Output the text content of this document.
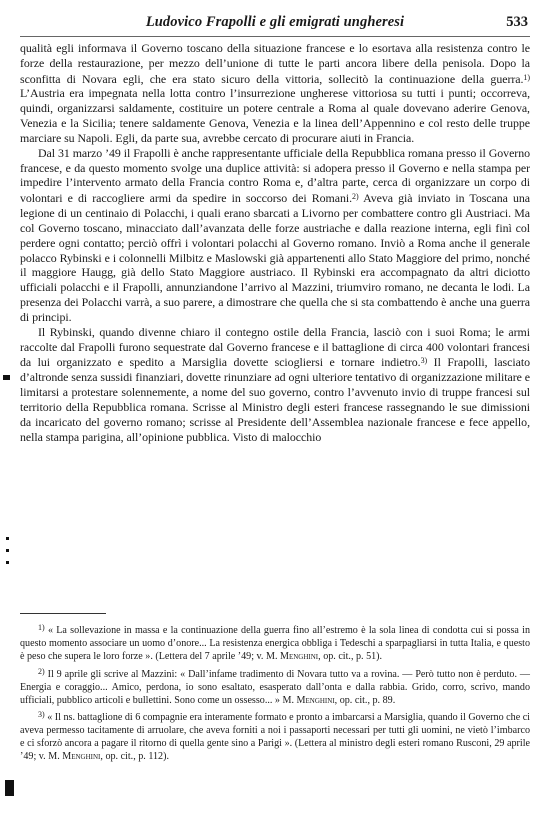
Ludovico Frapolli e gli emigrati ungheresi	533

qualità egli informava il Governo toscano della situazione francese e lo esortava alla resistenza contro le forze della restaurazione, per mezzo dell’unione di tutte le parti ancora libere della penisola. Dopo la sconfitta di Novara egli, che era stato sicuro della vittoria, sollecitò la continuazione della guerra.$^{1)}$ L’Austria era impegnata nella lotta contro l’insurrezione ungherese vittoriosa su tutti i punti; occorreva, quindi, organizzarsi saldamente, costituire un potere centrale a Roma al quale dovevano aderire Genova, Venezia e la Sicilia; tenere saldamente Genova, Venezia e la linea dell’Appennino e col resto delle truppe marciare su Napoli. Egli, da parte sua, avrebbe cercato di procurare aiuti in Francia.

Dal 31 marzo ’49 il Frapolli è anche rappresentante ufficiale della Repubblica romana presso il Governo francese, e da questo momento svolge una duplice attività: si adopera presso il Governo e nella stampa per impedire l’intervento armato della Francia contro Roma e, d’altra parte, cerca di organizzare un corpo di volontari e di raccogliere armi da spedire in soccorso dei Romani.$^{2)}$ Aveva già inviato in Toscana una legione di un centinaio di Polacchi, i quali erano sbarcati a Livorno per combattere contro gli Austriaci. Ma col Governo toscano, minacciato dall’avanzata delle forze austriache e dalla reazione interna, egli finì col perdere ogni contatto; perciò offrì i volontari polacchi al Governo romano. Inviò a Roma anche il generale polacco Rybinski e i colonnelli Milbitz e Maslowski già appartenenti allo Stato Maggiore del primo, nonché il maggiore Haugg, già dello Stato Maggiore austriaco. Il Rybinski era accompagnato da altri diciotto ufficiali polacchi e il Frapolli, annunziandone l’arrivo al Mazzini, triumviro romano, ne decanta le lodi. La presenza dei Polacchi varrà, a suo parere, a dimostrare che quella che si sta combattendo è anche una guerra di principi.

Il Rybinski, quando divenne chiaro il contegno ostile della Francia, lasciò con i suoi Roma; le armi raccolte dal Frapolli furono sequestrate dal Governo francese e il battaglione di circa 400 volontari francesi da lui organizzato e spedito a Marsiglia dovette sciogliersi e tornare indietro.$^{3)}$ Il Frapolli, lasciato d’altronde senza sussidi finanziari, dovette rinunziare ad ogni ulteriore tentativo di organizzazione militare e limitarsi a protestare solennemente, a nome del suo governo, contro l’avvenuto invio di truppe francesi sul territorio della Repubblica romana. Scrisse al Ministro degli esteri francese rassegnando le sue dimissioni da incaricato del governo romano; scrisse al Presidente dell’Assemblea nazionale francese e fece appello, nella stampa parigina, all’opinione pubblica. Visto di malocchio

$^{1)}$ « La sollevazione in massa e la continuazione della guerra fino all’estremo è la sola linea di condotta cui si possa in questo momento associare un uomo d’onore... La resistenza energica obbliga i Tedeschi a sparpagliarsi in tutta Italia, e questo è peso che supera le loro forze ». (Lettera del 7 aprile ’49; v. M. Menghini, op. cit., p. 51).

$^{2)}$ Il 9 aprile gli scrive al Mazzini: « Dall’infame tradimento di Novara tutto va a rovina. — Però tutto non è perduto. — Energia e coraggio... Amico, perdona, io sono esaltato, esasperato dall’onta e dalla rabbia. Grido, corro, scrivo, mando ufficiali, pubblico articoli e bullettini. Sono come un ossesso... » M. Menghini, op. cit., p. 89.

$^{3)}$ « Il ns. battaglione di 6 compagnie era interamente formato e pronto a imbarcarsi a Marsiglia, quando il Governo che ci aveva permesso tacitamente di arruolare, che aveva forniti a noi i passaporti necessari per tutti gli uomini, ne vietò l’imbarco e ci sforzò ancora a pagare il ritorno di quella gente sino a Parigi ». (Lettera al ministro degli esteri romano Rusconi, 29 aprile ’49; v. M. Menghini, op. cit., p. 112).
